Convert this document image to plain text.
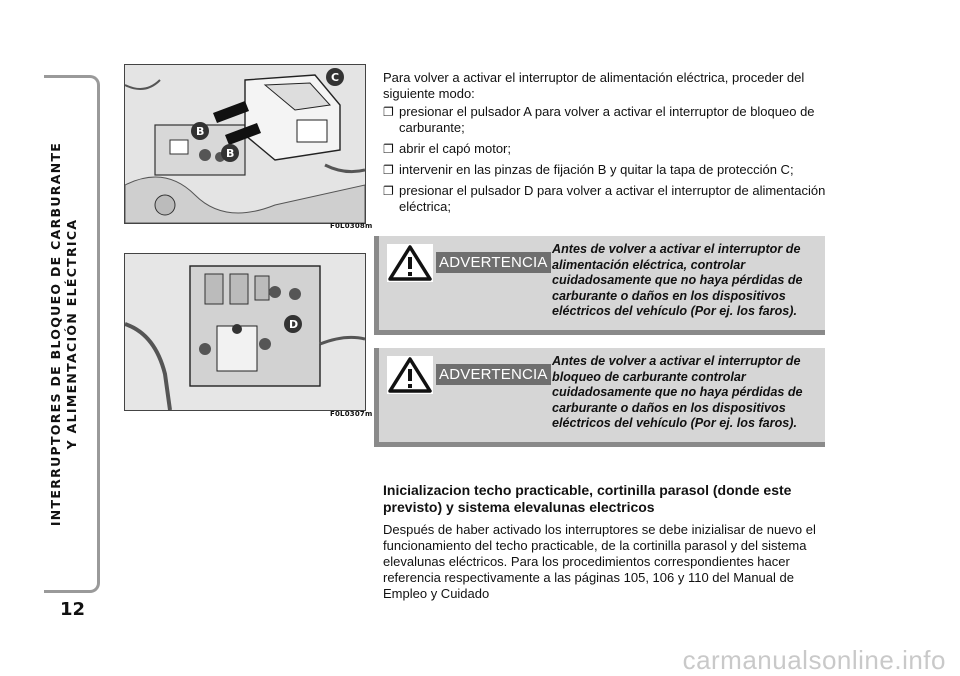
INTERRUPTORES DE BLOQUEO DE CARBURANTE Y ALIMENTACIÓN ELÉCTRICA
12
C
B
B
F0L0308m
D
F0L0307m
Para volver a activar el interruptor de alimentación eléctrica, proceder del siguiente modo:
❐ presionar el pulsador A para volver a activar el interruptor de bloqueo de carburante;
❐ abrir el capó motor;
❐ intervenir en las pinzas de fijación B y quitar la tapa de protección C;
❐ presionar el pulsador D para volver a activar el interruptor de alimentación eléctrica;
ADVERTENCIA
Antes de volver a activar el interruptor de alimentación eléctrica, controlar cuidadosamente que no haya pérdidas de carburante o daños en los dispositivos eléctricos del vehículo (Por ej. los faros).
ADVERTENCIA
Antes de volver a activar el interruptor de bloqueo de carburante controlar cuidadosamente que no haya pérdidas de carburante o daños en los dispositivos eléctricos del vehículo (Por ej. los faros).
Inicializacion techo practicable, cortinilla parasol (donde este previsto) y sistema elevalunas electricos
Después de haber activado los interruptores se debe inizialisar de nuevo el funcionamiento del techo practicable, de la cortinilla parasol y del sistema elevalunas eléctricos. Para los procedimientos correspondientes hacer referencia respectivamente a las páginas 105, 106 y 110 del Manual de Empleo y Cuidado
carmanualsonline.info
